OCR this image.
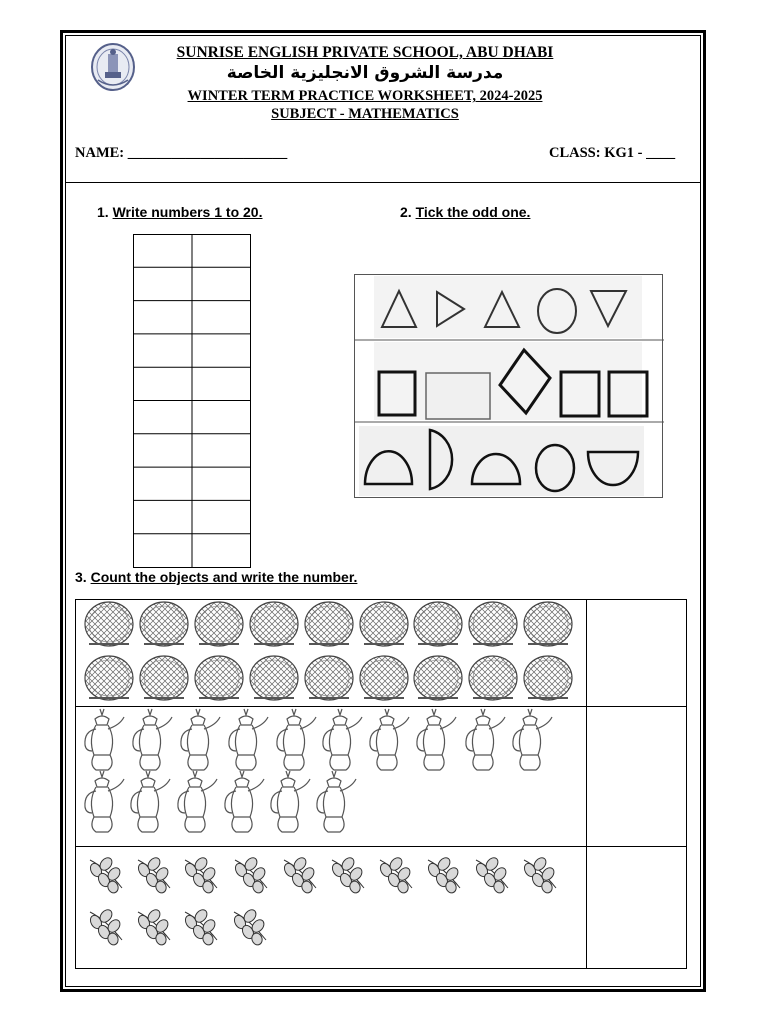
SUNRISE ENGLISH PRIVATE SCHOOL, ABU DHABI
مدرسة الشروق الانجليزية الخاصة
WINTER TERM PRACTICE WORKSHEET, 2024-2025
SUBJECT - MATHEMATICS
NAME: ______________________	CLASS: KG1 - ____
1. Write numbers 1 to 20.	2. Tick the odd one.
3. Count the objects and write the number.
